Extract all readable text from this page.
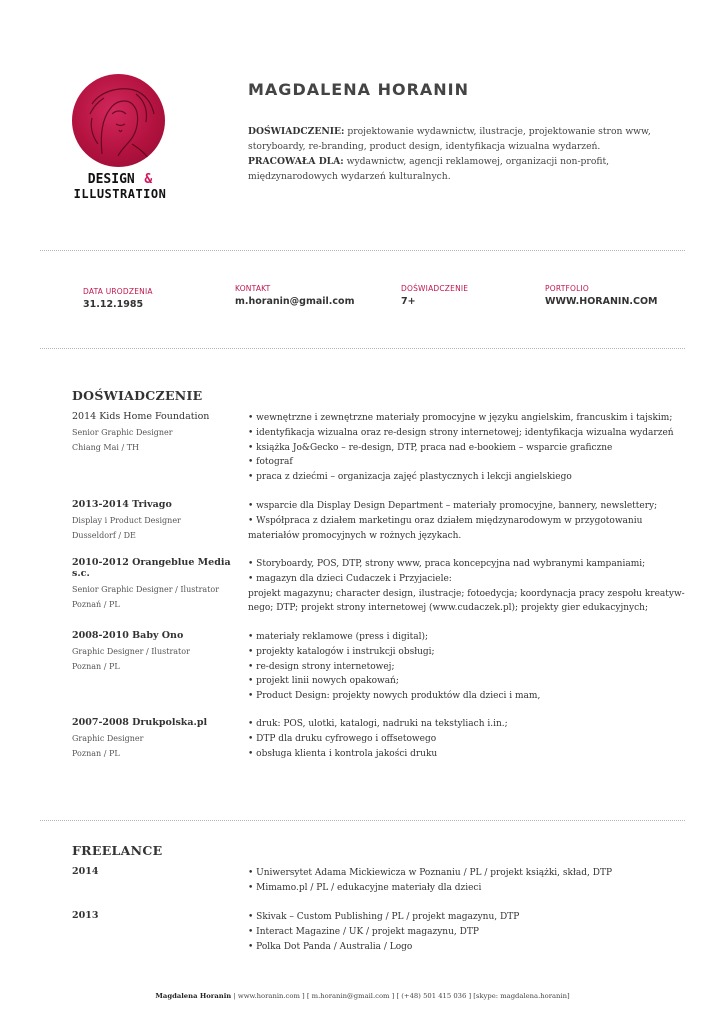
DESIGN &
ILLUSTRATION
MAGDALENA HORANIN
DOŚWIADCZENIE: projektowanie wydawnictw, ilustracje, projektowanie stron www, storyboardy, re-branding, product design, identyfikacja wizualna wydarzeń.
PRACOWAŁA DLA: wydawnictw, agencji reklamowej, organizacji non-profit, międzynarodowych wydarzeń kulturalnych.
DATA URODZENIA
31.12.1985
KONTAKT
m.horanin@gmail.com
DOŚWIADCZENIE
7+
PORTFOLIO
WWW.HORANIN.COM
DOŚWIADCZENIE
2014 Kids Home Foundation
Senior Graphic Designer
Chiang Mai / TH
• wewnętrzne i zewnętrzne materiały promocyjne w języku angielskim, francuskim i tajskim;
• identyfikacja wizualna oraz re-design strony internetowej; identyfikacja wizualna wydarzeń
• książka Jo&Gecko – re-design, DTP, praca nad e-bookiem – wsparcie graficzne
• fotograf
• praca z dziećmi – organizacja zajęć plastycznych i lekcji angielskiego
2013-2014 Trivago
Display i Product Designer
Dusseldorf / DE
• wsparcie dla Display Design Department – materiały promocyjne, bannery, newslettery;
• Współpraca z działem marketingu oraz działem międzynarodowym w przygotowaniu
materiałów promocyjnych w rożnych językach.
2010-2012 Orangeblue Media s.c.
Senior Graphic Designer / Ilustrator
Poznań / PL
• Storyboardy, POS, DTP, strony www, praca koncepcyjna nad wybranymi kampaniami;
• magazyn dla dzieci Cudaczek i Przyjaciele:
projekt magazynu; character design, ilustracje; fotoedycja; koordynacja pracy zespołu kreatyw-
nego; DTP; projekt strony internetowej (www.cudaczek.pl); projekty gier edukacyjnych;
2008-2010 Baby Ono
Graphic Designer / Ilustrator
Poznan / PL
• materiały reklamowe (press i digital);
• projekty katalogów i instrukcji obsługi;
• re-design strony internetowej;
• projekt linii nowych opakowań;
• Product Design: projekty nowych produktów dla dzieci i mam,
2007-2008 Drukpolska.pl
Graphic Designer
Poznan / PL
• druk: POS, ulotki, katalogi, nadruki na tekstyliach i.in.;
• DTP dla druku cyfrowego i offsetowego
• obsługa klienta i kontrola jakości druku
FREELANCE
2014	• Uniwersytet Adama Mickiewicza w Poznaniu / PL / projekt książki, skład, DTP
• Mimamo.pl / PL / edukacyjne materiały dla dzieci
2013	• Skivak – Custom Publishing / PL / projekt magazynu, DTP
• Interact Magazine / UK / projekt magazynu, DTP
• Polka Dot Panda / Australia / Logo
Magdalena Horanin | www.horanin.com ] [ m.horanin@gmail.com ] [ (+48) 501 415 036 ] [skype: magdalena.horanin]
